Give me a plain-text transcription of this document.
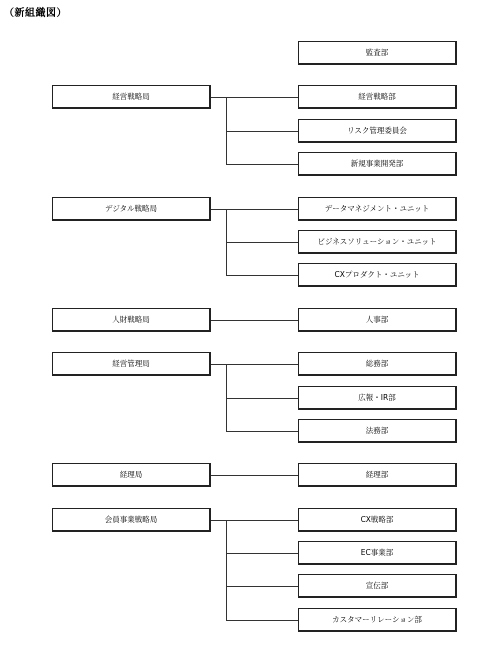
（新組織図）
監査部
経営戦略局	経営戦略部
リスク管理委員会
新規事業開発部
デジタル戦略局	データマネジメント・ユニット
ビジネスソリューション・ユニット
CXプロダクト・ユニット
人財戦略局	人事部
経営管理局	総務部
広報・IR部
法務部
経理局	経理部
会員事業戦略局	CX戦略部
EC事業部
宣伝部
カスタマーリレーション部
